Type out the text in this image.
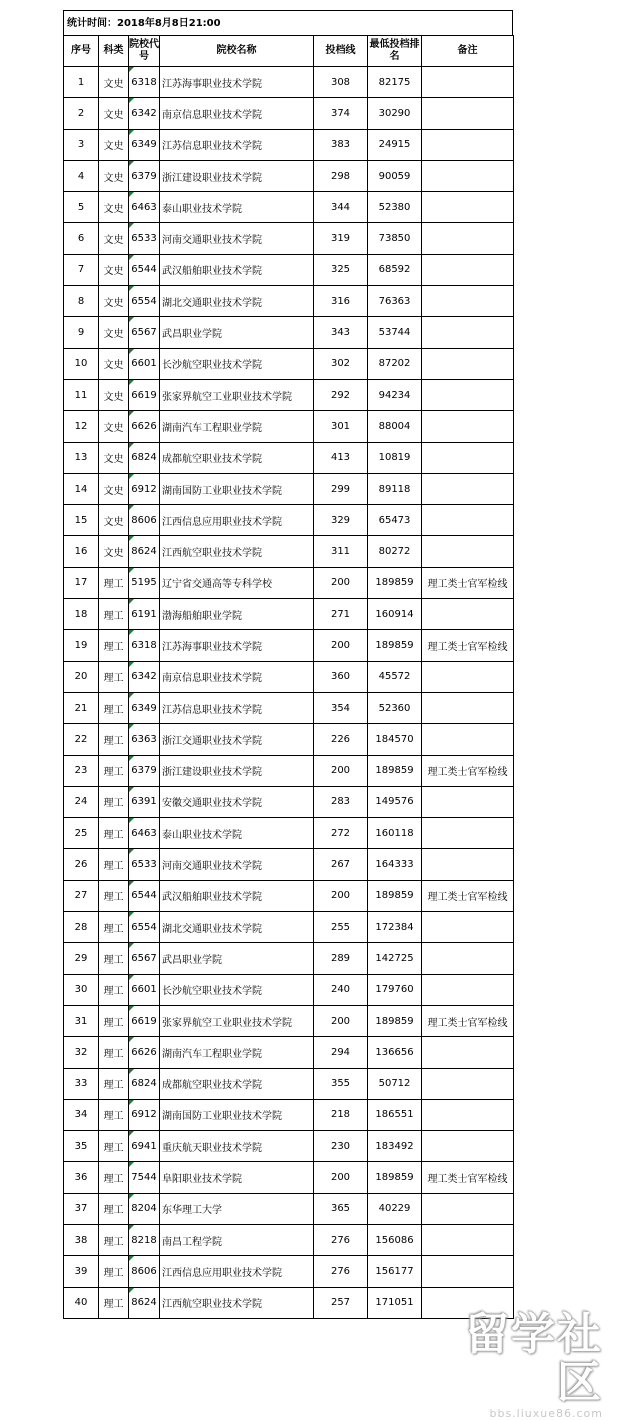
统计时间：2018年8月8日21:00
序号	科类	院校代号	院校名称	投档线	最低投档排名	备注
1	文史	6318	江苏海事职业技术学院	308	82175	
2	文史	6342	南京信息职业技术学院	374	30290	
3	文史	6349	江苏信息职业技术学院	383	24915	
4	文史	6379	浙江建设职业技术学院	298	90059	
5	文史	6463	泰山职业技术学院	344	52380	
6	文史	6533	河南交通职业技术学院	319	73850	
7	文史	6544	武汉船舶职业技术学院	325	68592	
8	文史	6554	湖北交通职业技术学院	316	76363	
9	文史	6567	武昌职业学院	343	53744	
10	文史	6601	长沙航空职业技术学院	302	87202	
11	文史	6619	张家界航空工业职业技术学院	292	94234	
12	文史	6626	湖南汽车工程职业学院	301	88004	
13	文史	6824	成都航空职业技术学院	413	10819	
14	文史	6912	湖南国防工业职业技术学院	299	89118	
15	文史	8606	江西信息应用职业技术学院	329	65473	
16	文史	8624	江西航空职业技术学院	311	80272	
17	理工	5195	辽宁省交通高等专科学校	200	189859	理工类士官军检线
18	理工	6191	渤海船舶职业学院	271	160914	
19	理工	6318	江苏海事职业技术学院	200	189859	理工类士官军检线
20	理工	6342	南京信息职业技术学院	360	45572	
21	理工	6349	江苏信息职业技术学院	354	52360	
22	理工	6363	浙江交通职业技术学院	226	184570	
23	理工	6379	浙江建设职业技术学院	200	189859	理工类士官军检线
24	理工	6391	安徽交通职业技术学院	283	149576	
25	理工	6463	泰山职业技术学院	272	160118	
26	理工	6533	河南交通职业技术学院	267	164333	
27	理工	6544	武汉船舶职业技术学院	200	189859	理工类士官军检线
28	理工	6554	湖北交通职业技术学院	255	172384	
29	理工	6567	武昌职业学院	289	142725	
30	理工	6601	长沙航空职业技术学院	240	179760	
31	理工	6619	张家界航空工业职业技术学院	200	189859	理工类士官军检线
32	理工	6626	湖南汽车工程职业学院	294	136656	
33	理工	6824	成都航空职业技术学院	355	50712	
34	理工	6912	湖南国防工业职业技术学院	218	186551	
35	理工	6941	重庆航天职业技术学院	230	183492	
36	理工	7544	阜阳职业技术学院	200	189859	理工类士官军检线
37	理工	8204	东华理工大学	365	40229	
38	理工	8218	南昌工程学院	276	156086	
39	理工	8606	江西信息应用职业技术学院	276	156177	
40	理工	8624	江西航空职业技术学院	257	171051	
留学社区
bbs.liuxue86.com
